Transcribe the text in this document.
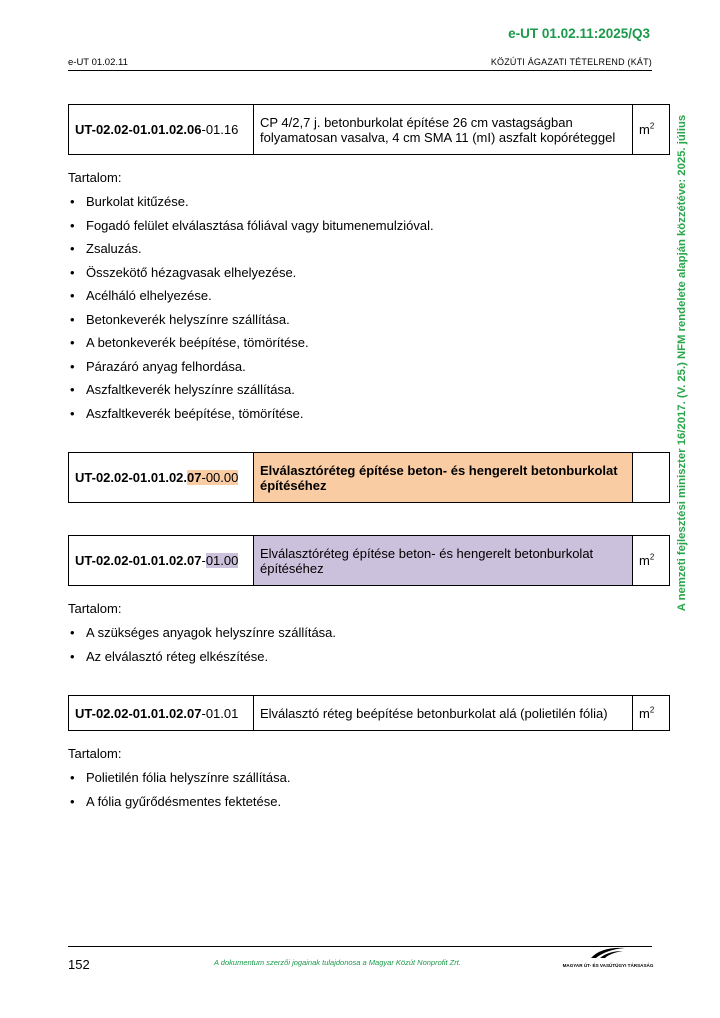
e-UT 01.02.11:2025/Q3
e-UT 01.02.11	KÖZÚTI ÁGAZATI TÉTELREND (KÁT)
A nemzeti fejlesztési miniszter 16/2017. (V. 25.) NFM rendelete alapján közzétéve: 2025. július
UT-02.02-01.01.02.06-01.16	CP 4/2,7 j. betonburkolat építése 26 cm vastagságban folyamatosan vasalva, 4 cm SMA 11 (mI) aszfalt kopóréteggel	$m^2$
Tartalom:
• Burkolat kitűzése.
• Fogadó felület elválasztása fóliával vagy bitumenemulzióval.
• Zsaluzás.
• Összekötő hézagvasak elhelyezése.
• Acélháló elhelyezése.
• Betonkeverék helyszínre szállítása.
• A betonkeverék beépítése, tömörítése.
• Párazáró anyag felhordása.
• Aszfaltkeverék helyszínre szállítása.
• Aszfaltkeverék beépítése, tömörítése.
UT-02.02-01.01.02.07-00.00	Elválasztóréteg építése beton- és hengerelt betonburkolat építéséhez	
UT-02.02-01.01.02.07-01.00	Elválasztóréteg építése beton- és hengerelt betonburkolat építéséhez	$m^2$
Tartalom:
• A szükséges anyagok helyszínre szállítása.
• Az elválasztó réteg elkészítése.
UT-02.02-01.01.02.07-01.01	Elválasztó réteg beépítése betonburkolat alá (polietilén fólia)	$m^2$
Tartalom:
• Polietilén fólia helyszínre szállítása.
• A fólia gyűrődésmentes fektetése.
152	A dokumentum szerzői jogainak tulajdonosa a Magyar Közút Nonprofit Zrt.	MAGYAR ÚT- ÉS VASÚTÜGYI TÁRSASÁG
